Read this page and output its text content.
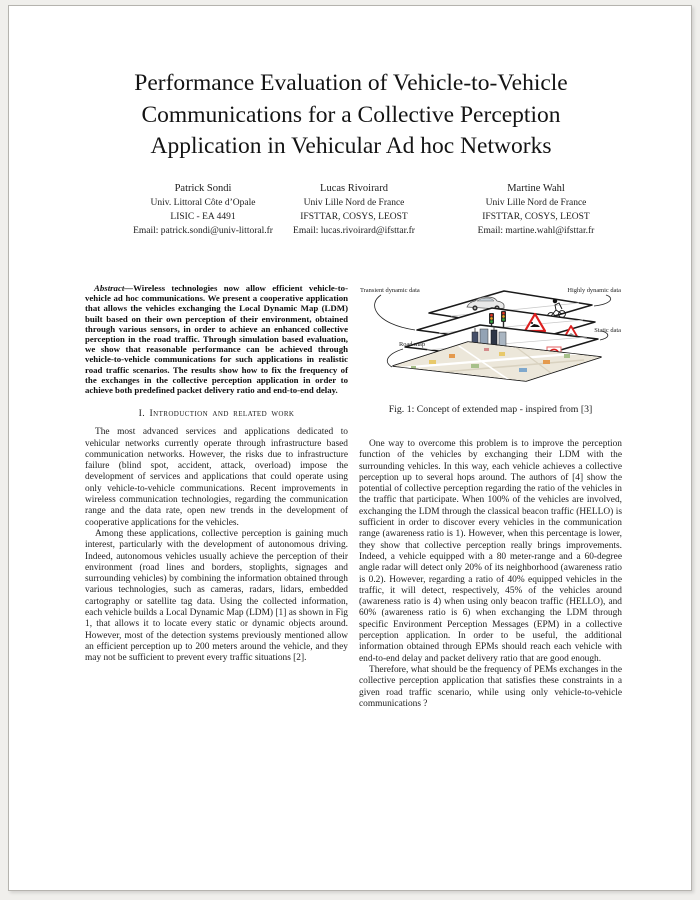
Performance Evaluation of Vehicle-to-Vehicle
Communications for a Collective Perception
Application in Vehicular Ad hoc Networks
Patrick Sondi
Univ. Littoral Côte d’Opale
LISIC - EA 4491
Email: patrick.sondi@univ-littoral.fr
Lucas Rivoirard
Univ Lille Nord de France
IFSTTAR, COSYS, LEOST
Email: lucas.rivoirard@ifsttar.fr
Martine Wahl
Univ Lille Nord de France
IFSTTAR, COSYS, LEOST
Email: martine.wahl@ifsttar.fr

Abstract—Wireless technologies now allow efficient vehicle-to-vehicle ad hoc communications. We present a cooperative application that allows the vehicles exchanging the Local Dynamic Map (LDM) built based on their own perception of their environment, obtained through various sensors, in order to achieve an enhanced collective perception in the road traffic. Through simulation based evaluation, we show that reasonable performance can be achieved through vehicle-to-vehicle communications for such applications in realistic road traffic scenarios. The results show how to fix the frequency of the exchanges in the collective perception application in order to achieve both predefined packet delivery ratio and end-to-end delay.

I. Introduction and related work

The most advanced services and applications dedicated to vehicular networks currently operate through infrastructure based communication networks. However, the risks due to infrastructure failure (blind spot, accident, attack, overload) impose the development of services and applications that could operate using only vehicle-to-vehicle communications. Recent improvements in wireless communication technologies, regarding the communication range and the data rate, open new trends in the development of cooperative applications for the vehicles.

Among these applications, collective perception is gaining much interest, particularly with the development of autonomous driving. Indeed, autonomous vehicles usually achieve the perception of their environment (road lines and borders, stoplights, signages and surrounding vehicles) by combining the information obtained through various technologies, such as cameras, radars, lidars, embedded cartography or satellite tag data. Using the collected information, each vehicle builds a Local Dynamic Map (LDM) [1] as shown in Fig 1, that allows it to locate every static or dynamic objects around. However, most of the detection systems previously mentioned allow an efficient perception up to 200 meters around the vehicle, and they may not be sufficient to prevent every traffic situations [2].

Transient dynamic data	Highly dynamic data
Static data
Road map
Fig. 1: Concept of extended map - inspired from [3]

One way to overcome this problem is to improve the perception function of the vehicles by exchanging their LDM with the surrounding vehicles. In this way, each vehicle achieves a collective perception up to several hops around. The authors of [4] show the potential of collective perception regarding the ratio of the vehicles in the traffic that participate. When 100% of the vehicles are involved, exchanging the LDM through the classical beacon traffic (HELLO) is sufficient in order to discover every vehicles in the communication range (awareness ratio is 1). However, when this percentage is lower, they show that collective perception really brings improvements. Indeed, a vehicle equipped with a 80 meter-range and a 60-degree angle radar will detect only 20% of its neighborhood (awareness ratio is 0.2). However, regarding a ratio of 40% equipped vehicles in the traffic, it will detect, respectively, 45% of the vehicles around (awareness ratio is 4) when using only beacon traffic (HELLO), and 60% (awareness ratio is 6) when exchanging the LDM through specific Environment Perception Messages (EPM) in a collective perception application. In order to be useful, the additional information obtained through EPMs should reach each vehicle with end-to-end delay and packet delivery ratio that are good enough.

Therefore, what should be the frequency of PEMs exchanges in the collective perception application that satisfies these constraints in a given road traffic scenario, while using only vehicle-to-vehicle communications ?
